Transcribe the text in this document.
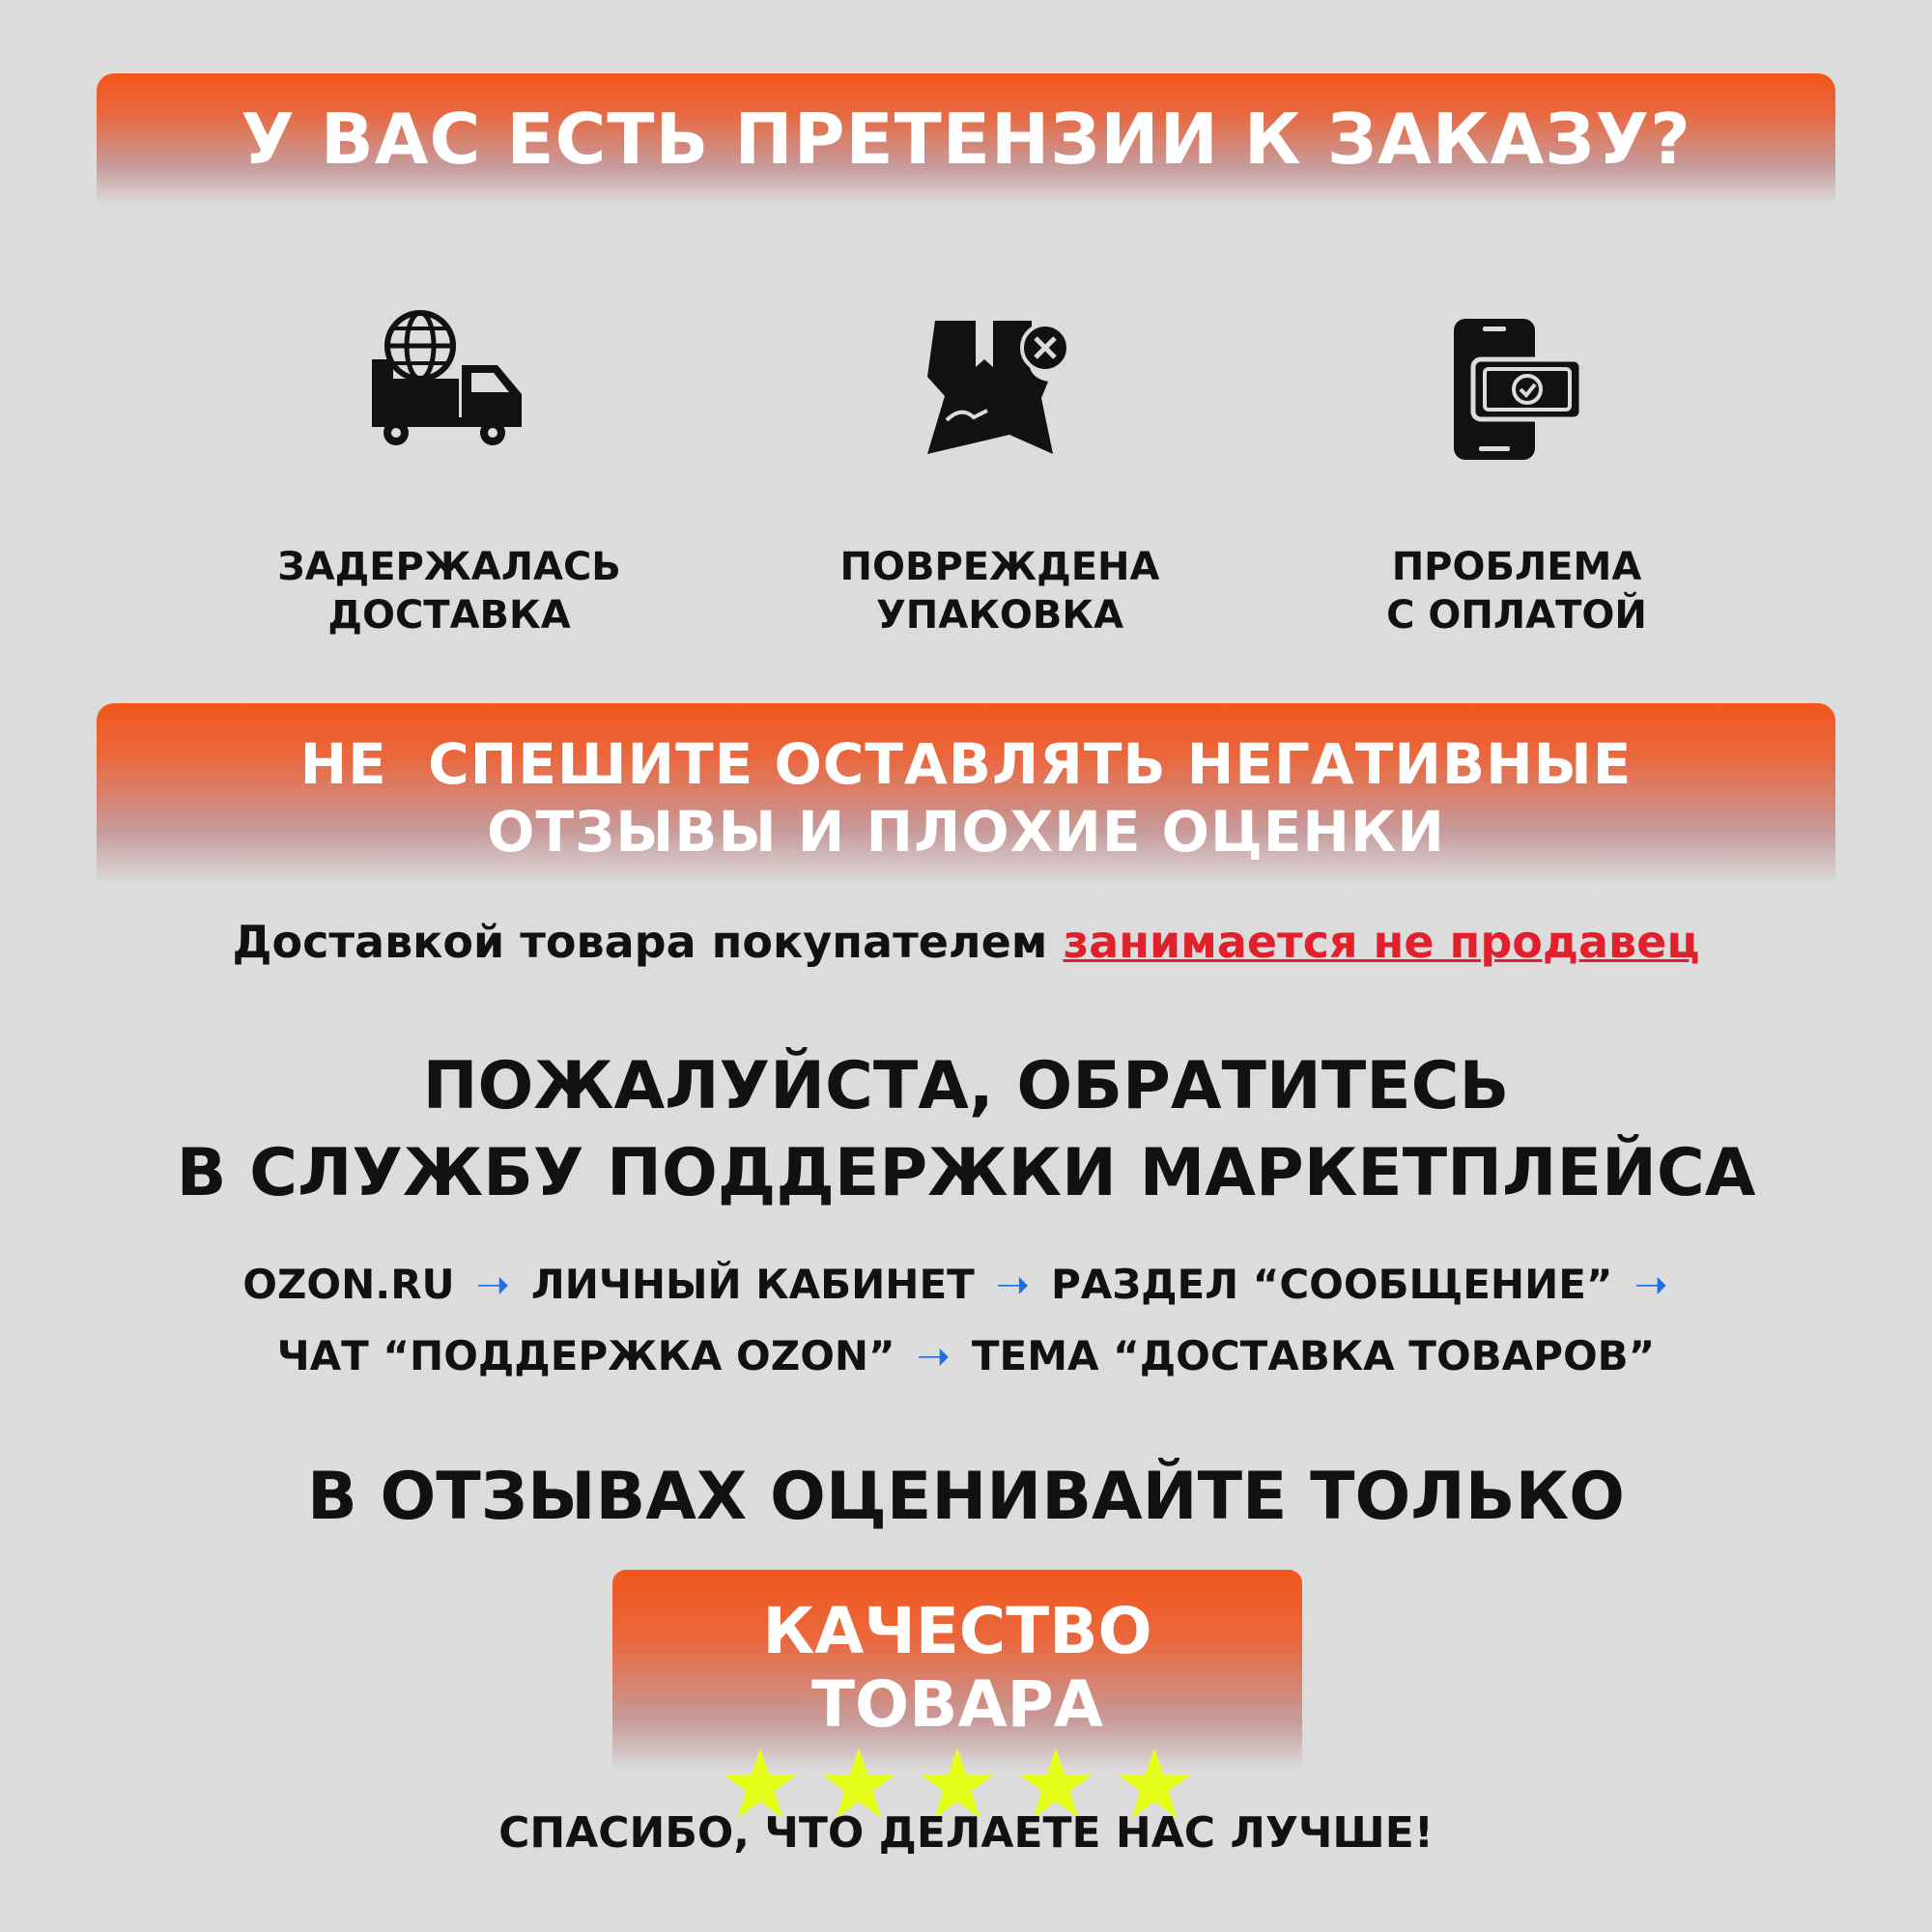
У ВАС ЕСТЬ ПРЕТЕНЗИИ К ЗАКАЗУ?
ЗАДЕРЖАЛАСЬ
ДОСТАВКА
ПОВРЕЖДЕНА
УПАКОВКА
ПРОБЛЕМА
С ОПЛАТОЙ
НЕ  СПЕШИТЕ ОСТАВЛЯТЬ НЕГАТИВНЫЕ
ОТЗЫВЫ И ПЛОХИЕ ОЦЕНКИ
Доставкой товара покупателем занимается не продавец
ПОЖАЛУЙСТА, ОБРАТИТЕСЬ
В СЛУЖБУ ПОДДЕРЖКИ МАРКЕТПЛЕЙСА
OZON.RU ➝ ЛИЧНЫЙ КАБИНЕТ ➝ РАЗДЕЛ “СООБЩЕНИЕ” ➝
ЧАТ “ПОДДЕРЖКА OZON” ➝ ТЕМА “ДОСТАВКА ТОВАРОВ”
В ОТЗЫВАХ ОЦЕНИВАЙТЕ ТОЛЬКО
КАЧЕСТВО ТОВАРА
СПАСИБО, ЧТО ДЕЛАЕТЕ НАС ЛУЧШЕ!
